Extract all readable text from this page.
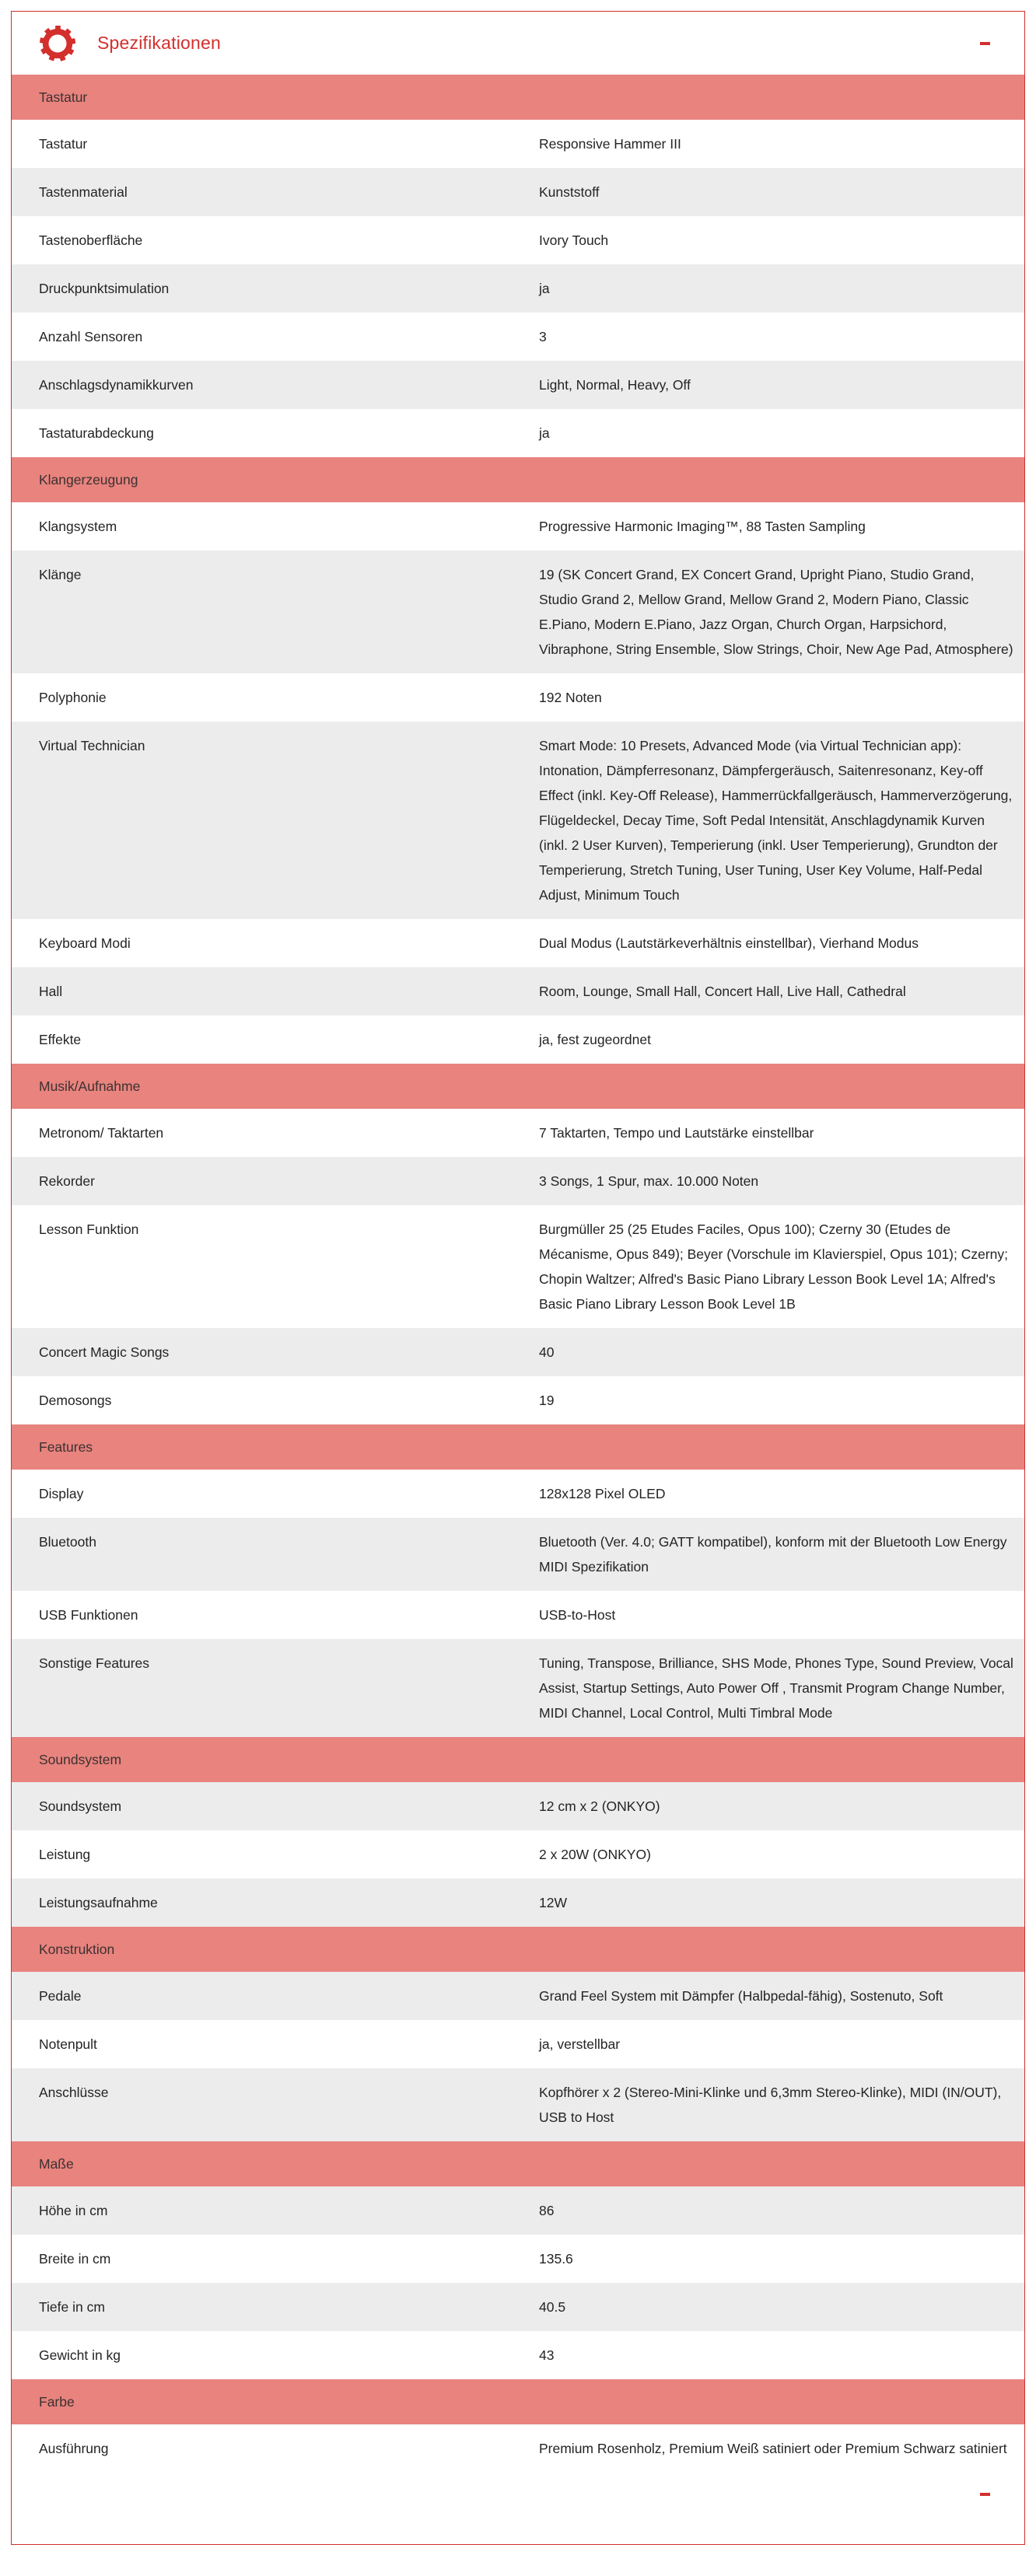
Spezifikationen
Tastatur
Tastatur	Responsive Hammer III
Tastenmaterial	Kunststoff
Tastenoberfläche	Ivory Touch
Druckpunktsimulation	ja
Anzahl Sensoren	3
Anschlagsdynamikkurven	Light, Normal, Heavy, Off
Tastaturabdeckung	ja
Klangerzeugung
Klangsystem	Progressive Harmonic Imaging™, 88 Tasten Sampling
Klänge	19 (SK Concert Grand, EX Concert Grand, Upright Piano, Studio Grand, Studio Grand 2, Mellow Grand, Mellow Grand 2, Modern Piano, Classic E.Piano, Modern E.Piano, Jazz Organ, Church Organ, Harpsichord, Vibraphone, String Ensemble, Slow Strings, Choir, New Age Pad, Atmosphere)
Polyphonie	192 Noten
Virtual Technician	Smart Mode: 10 Presets, Advanced Mode (via Virtual Technician app): Intonation, Dämpferresonanz, Dämpfergeräusch, Saitenresonanz, Key-off Effect (inkl. Key-Off Release), Hammerrückfallgeräusch, Hammerverzögerung, Flügeldeckel, Decay Time, Soft Pedal Intensität, Anschlagdynamik Kurven (inkl. 2 User Kurven), Temperierung (inkl. User Temperierung), Grundton der Temperierung, Stretch Tuning, User Tuning, User Key Volume, Half-Pedal Adjust, Minimum Touch
Keyboard Modi	Dual Modus (Lautstärkeverhältnis einstellbar), Vierhand Modus
Hall	Room, Lounge, Small Hall, Concert Hall, Live Hall, Cathedral
Effekte	ja, fest zugeordnet
Musik/Aufnahme
Metronom/ Taktarten	7 Taktarten, Tempo und Lautstärke einstellbar
Rekorder	3 Songs, 1 Spur, max. 10.000 Noten
Lesson Funktion	Burgmüller 25 (25 Etudes Faciles, Opus 100); Czerny 30 (Etudes de Mécanisme, Opus 849); Beyer (Vorschule im Klavierspiel, Opus 101); Czerny; Chopin Waltzer; Alfred's Basic Piano Library Lesson Book Level 1A; Alfred's Basic Piano Library Lesson Book Level 1B
Concert Magic Songs	40
Demosongs	19
Features
Display	128x128 Pixel OLED
Bluetooth	Bluetooth (Ver. 4.0; GATT kompatibel), konform mit der Bluetooth Low Energy MIDI Spezifikation
USB Funktionen	USB-to-Host
Sonstige Features	Tuning, Transpose, Brilliance, SHS Mode, Phones Type, Sound Preview, Vocal Assist, Startup Settings, Auto Power Off , Transmit Program Change Number, MIDI Channel, Local Control, Multi Timbral Mode
Soundsystem
Soundsystem	12 cm x 2 (ONKYO)
Leistung	2 x 20W (ONKYO)
Leistungsaufnahme	12W
Konstruktion
Pedale	Grand Feel System mit Dämpfer (Halbpedal-fähig), Sostenuto, Soft
Notenpult	ja, verstellbar
Anschlüsse	Kopfhörer x 2 (Stereo-Mini-Klinke und 6,3mm Stereo-Klinke), MIDI (IN/OUT), USB to Host
Maße
Höhe in cm	86
Breite in cm	135.6
Tiefe in cm	40.5
Gewicht in kg	43
Farbe
Ausführung	Premium Rosenholz, Premium Weiß satiniert oder Premium Schwarz satiniert
